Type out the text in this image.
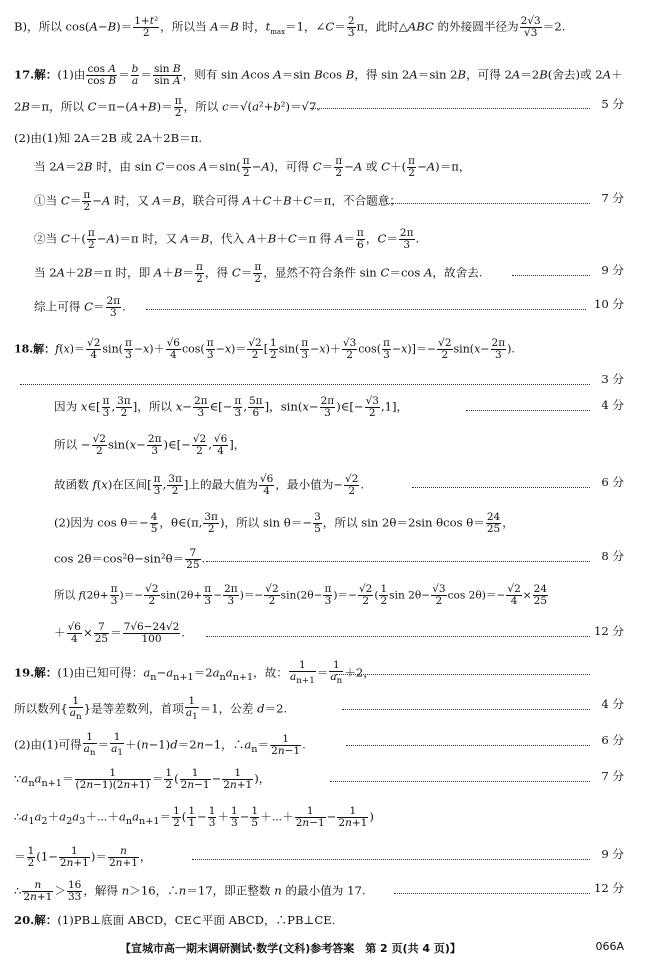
B)，所以 $\cos(A-B)= \frac{\text{1+t²}}{2}$ ，所以当 A＝B 时，$t_{max}=1$，∠C＝ $\frac{2}{3}$ π，此时△ABC 的外接圆半径为 $\frac{2√3}{√3} =2$.
17.解：(1)由 $\frac{\text{cos A}}{\text{cos B}} = \frac{b}{a} = \frac{\text{sin B}}{\text{sin A}}$ ，则有 sin Acos A＝sin Bcos B，得 sin 2A＝sin 2B，可得 2A＝2B(舍去)或 2A＋
2B＝π，所以 $C=\pi-(A+B)= \frac{\pi}{2}$ ，所以 c＝√(a²+b²)＝√7.	5 分
(2)由(1)知 2A＝2B 或 2A＋2B＝π.
当 2A＝2B 时，由 sin C＝cos $A=\sin( \frac{\pi}{2} -A)$，可得 $C= \frac{\pi}{2} -A$ 或 $C+( \frac{\pi}{2} -A)=\pi$，
①当 $C= \frac{\pi}{2} -A$ 时，又 A＝B，联合可得 A＋C＋B＋C＝π，不合题意；	7 分
②当 $C+( \frac{\pi}{2} -A)=\pi$ 时，又 A＝B，代入 A＋B＋C＝π 得 $A= \frac{\pi}{6}$ ，$C= \frac{2\pi}{3}$ .
当 2A＋2B＝π 时，即 $A+B= \frac{\pi}{2}$ ，得 $C= \frac{\pi}{2}$ ，显然不符合条件 sin C＝cos A，故舍去.	9 分
综上可得 $C= \frac{2\pi}{3}$ .	10 分
18.解：$f(x)= \frac{√2}{4} \sin( \frac{\pi}{3} -x)+ \frac{√6}{4} \cos( \frac{\pi}{3} -x)= \frac{√2}{2}$ [ $\frac{1}{2} \sin( \frac{\pi}{3} -x)+ \frac{√3}{2} \cos( \frac{\pi}{3} -x)]=- \frac{√2}{2} \sin(x- \frac{2\pi}{3}$ ).
3 分
因为 x∈[ $\frac{\pi}{3}$ , $\frac{3\pi}{2}$ ]，所以 $x- \frac{2\pi}{3}$ ∈[− $\frac{\pi}{3}$ , $\frac{5\pi}{6}$ ]，$\sin(x- \frac{2\pi}{3}$ )∈[− $\frac{√3}{2} ,1$]，	4 分
所以 − $\frac{√2}{2} \sin(x- \frac{2\pi}{3}$ )∈[− $\frac{√2}{2}$ , $\frac{√6}{4}$ ]，
故函数 f(x)在区间[ $\frac{\pi}{3}$ , $\frac{3\pi}{2}$ ]上的最大值为 $\frac{√6}{4}$ ，最小值为− $\frac{√2}{2}$ .	6 分
(2)因为 $\cos \theta=- \frac{4}{5}$ ，θ∈(π, $\frac{3\pi}{2}$ )，所以 $\sin \theta=- \frac{3}{5}$ ，所以 sin 2θ＝2sin θcos $\theta= \frac{24}{25}$ ，
$\cos 2\theta=\cos^2\theta-\sin^2\theta= \frac{7}{25}$ .	8 分
所以 $f(2\theta+ \frac{\pi}{3}$ )＝− $\frac{√2}{2} \sin(2\theta+ \frac{\pi}{3} - \frac{2\pi}{3}$ )＝− $\frac{√2}{2} \sin(2\theta- \frac{\pi}{3}$ )＝− $\frac{√2}{2}$ ( $\frac{1}{2}$ $\sin 2\theta- \frac{√3}{2}$ $\cos 2\theta)=- \frac{√2}{4} \times \frac{24}{25}$
＋ $\frac{√6}{4} \times \frac{7}{25} = \frac{7√6-24√2}{100}$ .	12 分
19.解：(1)由已知可得：$a_n-a_{n+1}=2a_na_{n+1}$，故： $\frac{1}{a_{n+1}} = \frac{1}{a_n} +2$，
所以数列{ $\frac{1}{a_n}$ }是等差数列，首项 $\frac{1}{a_1} =1$，公差 d＝2.	4 分
(2)由(1)可得 $\frac{1}{a_n} = \frac{1}{a_1} +(n-1)d=2n-1$，$\therefore a_n= \frac{1}{2n-1}$ .	6 分
$\because a_na_{n+1}= \frac{1}{(2n-1)(2n+1)} = \frac{1}{2}$ ( $\frac{1}{2n-1} - \frac{1}{2n+1}$ )，	7 分
$\therefore a_1a_2+a_2a_3+\cdots+a_na_{n+1}= \frac{1}{2}$ ( $\frac{1}{1} - \frac{1}{3} + \frac{1}{3} - \frac{1}{5}$ ＋⋯＋ $\frac{1}{2n-1} - \frac{1}{2n+1}$ )
＝ $\frac{1}{2} (1- \frac{1}{2n+1}$ )＝ $\frac{n}{2n+1}$ ，	9 分
∴ $\frac{n}{2n+1} > \frac{16}{33}$ ，解得 n＞16，∴n＝17，即正整数 n 的最小值为 17.	12 分
20.解：(1)PB⊥底面 ABCD，CE⊂平面 ABCD，∴PB⊥CE.
【宣城市高一期末调研测试·数学(文科)参考答案　第 2 页(共 4 页)】	066A
